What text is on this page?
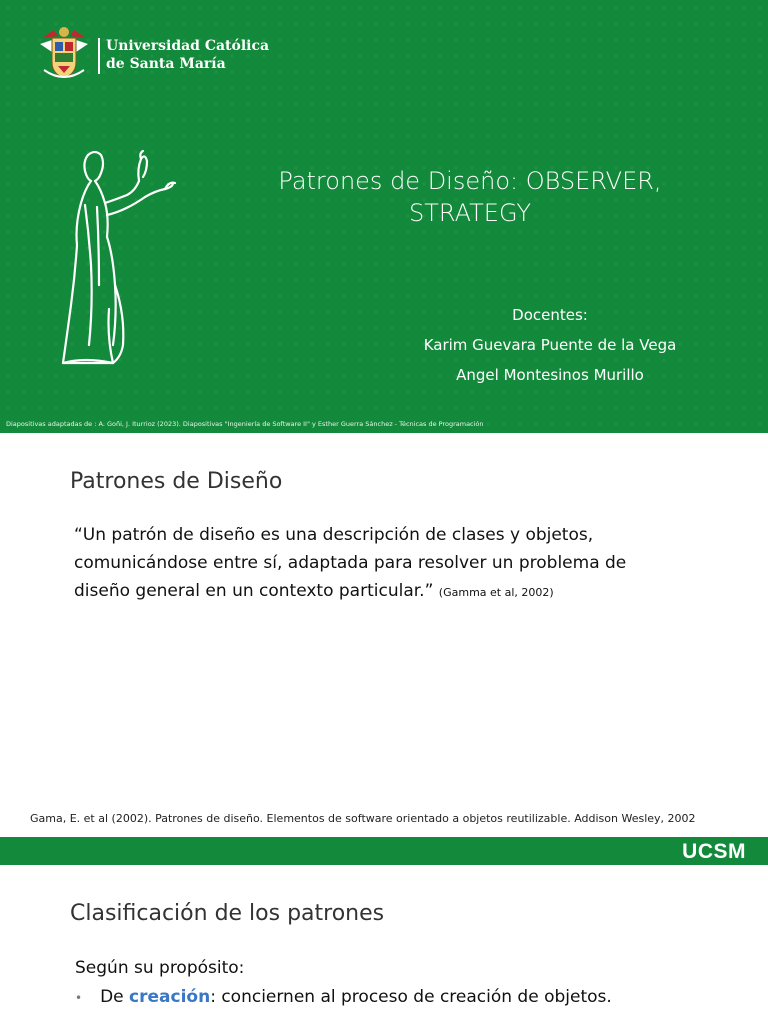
Universidad Católica
de Santa María
Patrones de Diseño: OBSERVER,
STRATEGY
Docentes:
Karim Guevara Puente de la Vega
Angel Montesinos Murillo
Diapositivas adaptadas de : A. Goñi, J. Iturrioz (2023). Diapositivas "Ingeniería de Software II" y Esther Guerra Sánchez - Técnicas de Programación
Patrones de Diseño
“Un patrón de diseño es una descripción de clases y objetos,
comunicándose entre sí, adaptada para resolver un problema de
diseño general en un contexto particular.” (Gamma et al, 2002)
Gama, E. et al (2002). Patrones de diseño. Elementos de software orientado a objetos reutilizable. Addison Wesley, 2002
UCSM
Clasificación de los patrones
Según su propósito:
• De creación: conciernen al proceso de creación de objetos.
